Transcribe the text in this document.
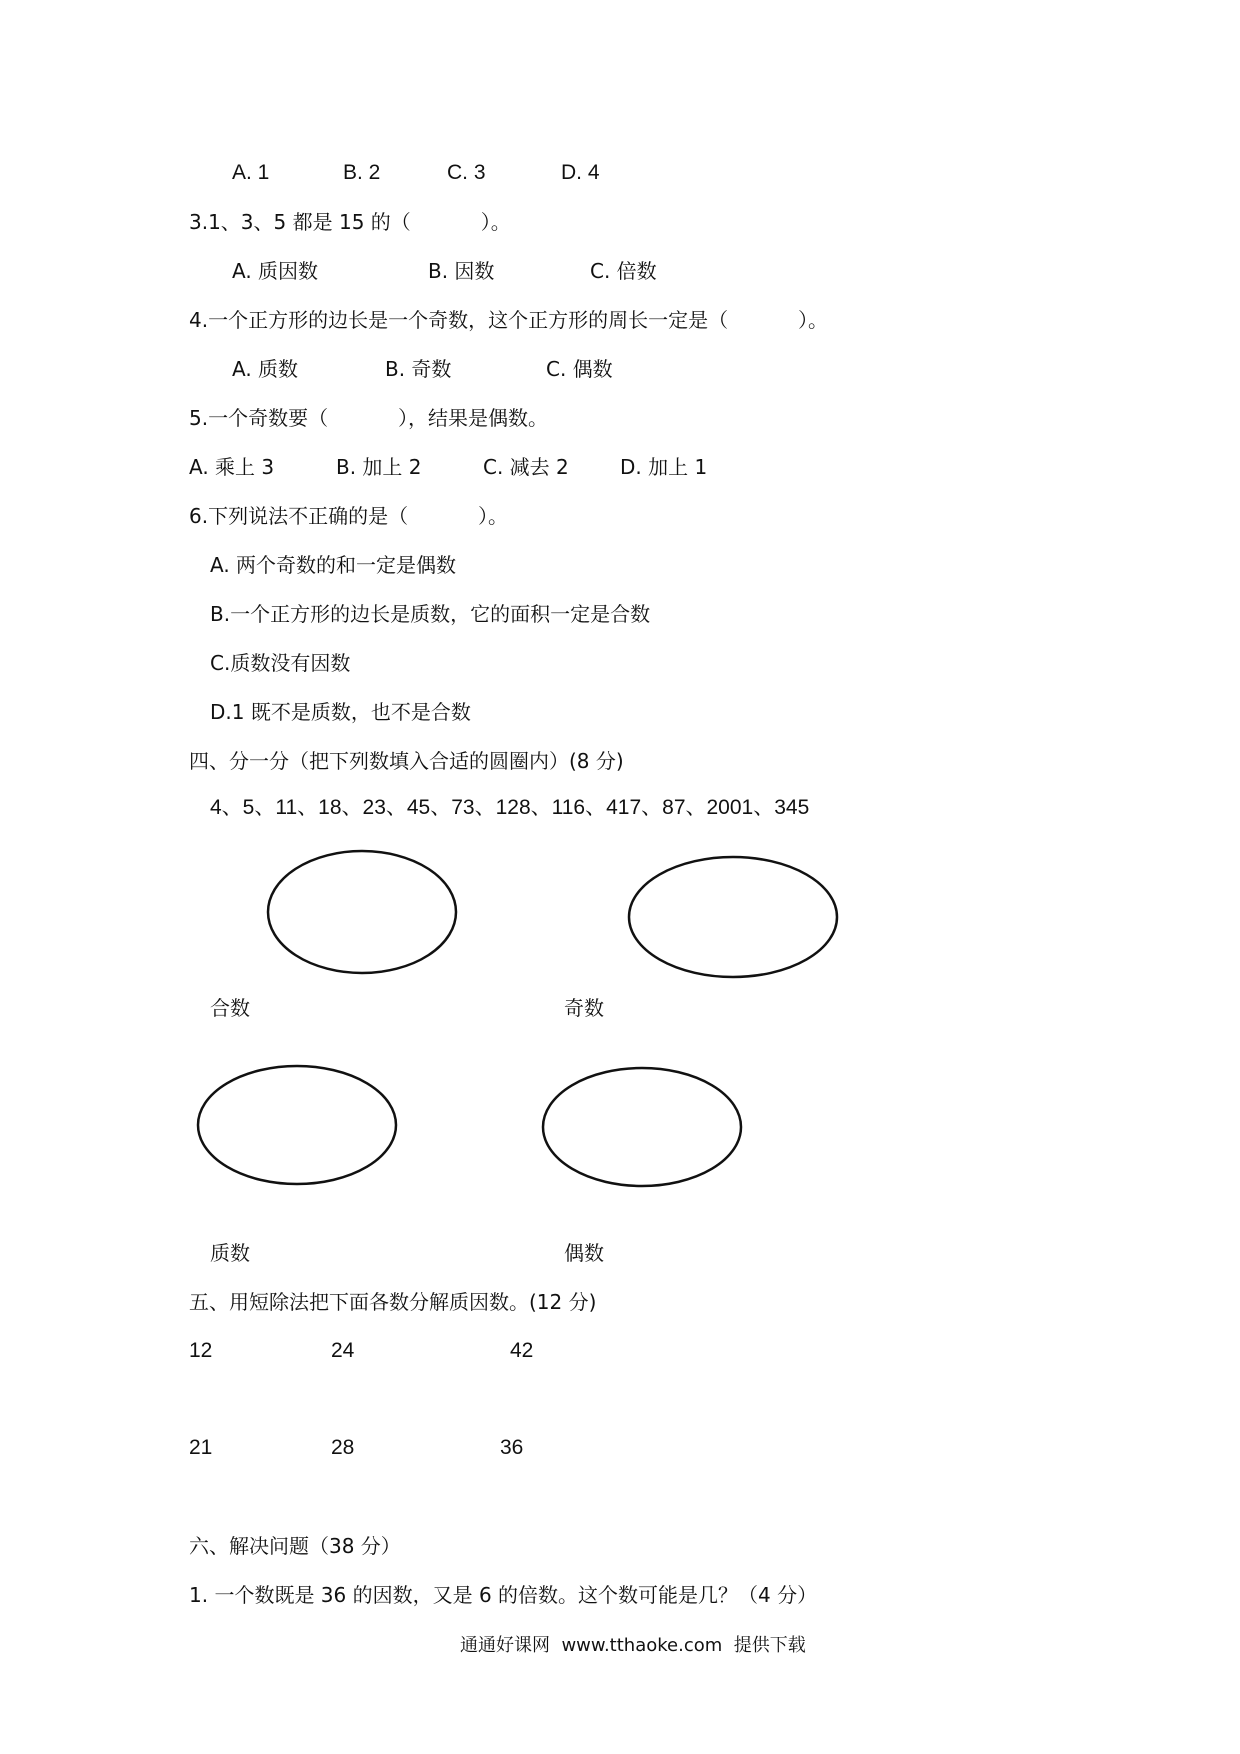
A. 1	B. 2	C. 3	D. 4
3.1、3、5 都是 15 的（           ）。
A. 质因数	B. 因数	C. 倍数
4.一个正方形的边长是一个奇数，这个正方形的周长一定是（           ）。
A. 质数	B. 奇数	C. 偶数
5.一个奇数要（           ），结果是偶数。
A. 乘上 3	B. 加上 2	C. 减去 2	D. 加上 1
6.下列说法不正确的是（           ）。
A. 两个奇数的和一定是偶数
B.一个正方形的边长是质数，它的面积一定是合数
C.质数没有因数
D.1 既不是质数，也不是合数
四、分一分（把下列数填入合适的圆圈内）(8 分)
4、5、11、18、23、45、73、128、116、417、87、2001、345
合数	奇数
质数	偶数
五、用短除法把下面各数分解质因数。(12 分)
12	24	42
21	28	36
六、解决问题（38 分）
1. 一个数既是 36 的因数，又是 6 的倍数。这个数可能是几？（4 分）
通通好课网  www.tthaoke.com  提供下载
